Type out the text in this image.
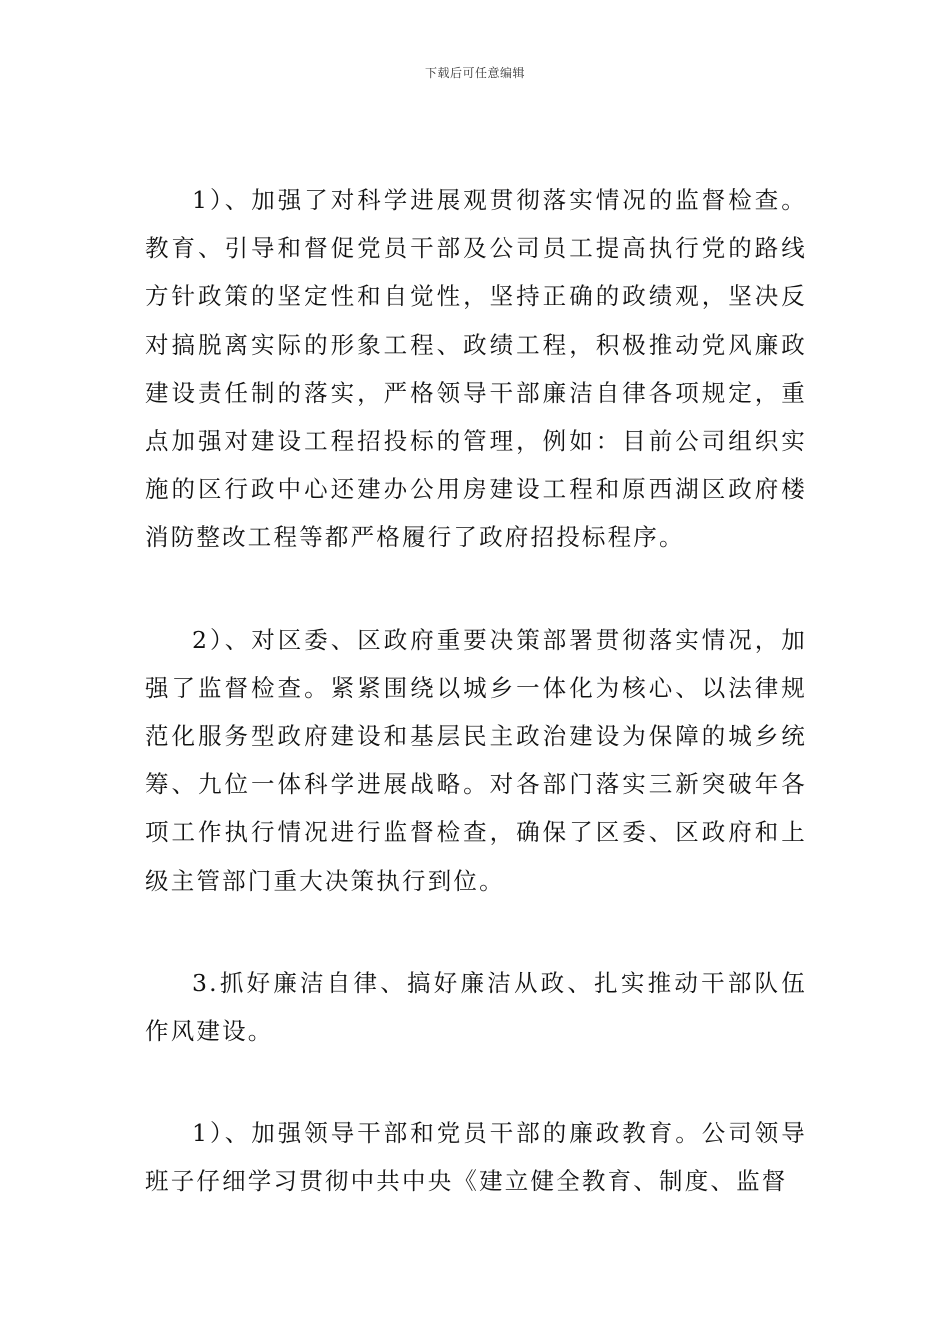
下载后可任意编辑

1）、加强了对科学进展观贯彻落实情况的监督检查。教育、引导和督促党员干部及公司员工提高执行党的路线方针政策的坚定性和自觉性，坚持正确的政绩观，坚决反对搞脱离实际的形象工程、政绩工程，积极推动党风廉政建设责任制的落实，严格领导干部廉洁自律各项规定，重点加强对建设工程招投标的管理，例如：目前公司组织实施的区行政中心还建办公用房建设工程和原西湖区政府楼消防整改工程等都严格履行了政府招投标程序。

2）、对区委、区政府重要决策部署贯彻落实情况，加强了监督检查。紧紧围绕以城乡一体化为核心、以法律规范化服务型政府建设和基层民主政治建设为保障的城乡统筹、九位一体科学进展战略。对各部门落实三新突破年各项工作执行情况进行监督检查，确保了区委、区政府和上级主管部门重大决策执行到位。

3.抓好廉洁自律、搞好廉洁从政、扎实推动干部队伍作风建设。

1）、加强领导干部和党员干部的廉政教育。公司领导班子仔细学习贯彻中共中央《建立健全教育、制度、监督
